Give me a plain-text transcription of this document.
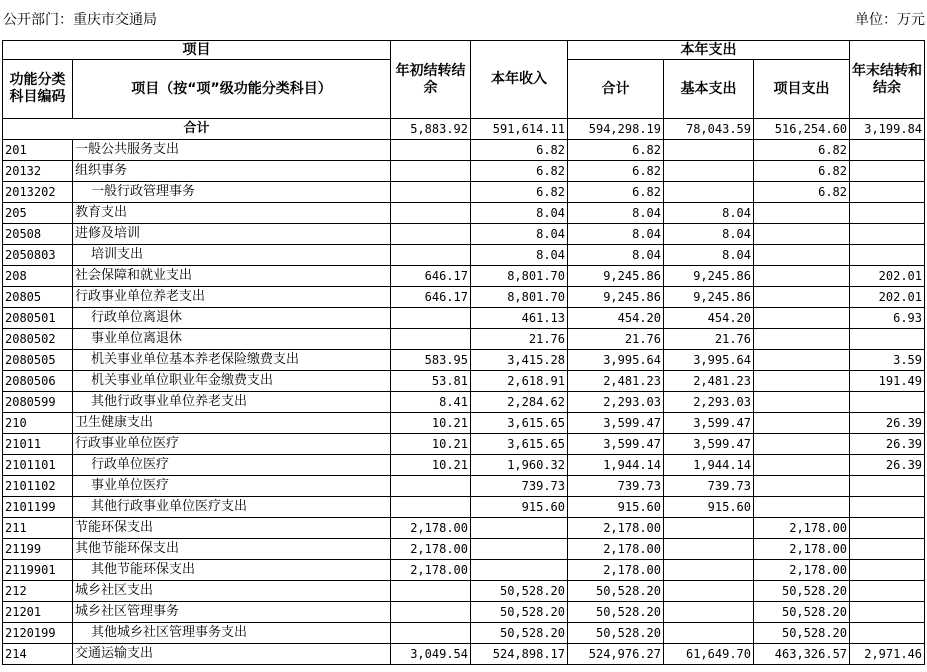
公开部门：重庆市交通局	单位：万元
项目		年初结转结余	本年收入	本年支出			年末结转和结余
功能分类科目编码	项目（按“项”级功能分类科目）			合计	基本支出	项目支出	
合计		5,883.92	591,614.11	594,298.19	78,043.59	516,254.60	3,199.84
201	一般公共服务支出		6.82	6.82		6.82	
20132	组织事务		6.82	6.82		6.82	
2013202	一般行政管理事务		6.82	6.82		6.82	
205	教育支出		8.04	8.04	8.04		
20508	进修及培训		8.04	8.04	8.04		
2050803	培训支出		8.04	8.04	8.04		
208	社会保障和就业支出	646.17	8,801.70	9,245.86	9,245.86		202.01
20805	行政事业单位养老支出	646.17	8,801.70	9,245.86	9,245.86		202.01
2080501	行政单位离退休		461.13	454.20	454.20		6.93
2080502	事业单位离退休		21.76	21.76	21.76		
2080505	机关事业单位基本养老保险缴费支出	583.95	3,415.28	3,995.64	3,995.64		3.59
2080506	机关事业单位职业年金缴费支出	53.81	2,618.91	2,481.23	2,481.23		191.49
2080599	其他行政事业单位养老支出	8.41	2,284.62	2,293.03	2,293.03		
210	卫生健康支出	10.21	3,615.65	3,599.47	3,599.47		26.39
21011	行政事业单位医疗	10.21	3,615.65	3,599.47	3,599.47		26.39
2101101	行政单位医疗	10.21	1,960.32	1,944.14	1,944.14		26.39
2101102	事业单位医疗		739.73	739.73	739.73		
2101199	其他行政事业单位医疗支出		915.60	915.60	915.60		
211	节能环保支出	2,178.00		2,178.00		2,178.00	
21199	其他节能环保支出	2,178.00		2,178.00		2,178.00	
2119901	其他节能环保支出	2,178.00		2,178.00		2,178.00	
212	城乡社区支出		50,528.20	50,528.20		50,528.20	
21201	城乡社区管理事务		50,528.20	50,528.20		50,528.20	
2120199	其他城乡社区管理事务支出		50,528.20	50,528.20		50,528.20	
214	交通运输支出	3,049.54	524,898.17	524,976.27	61,649.70	463,326.57	2,971.46
